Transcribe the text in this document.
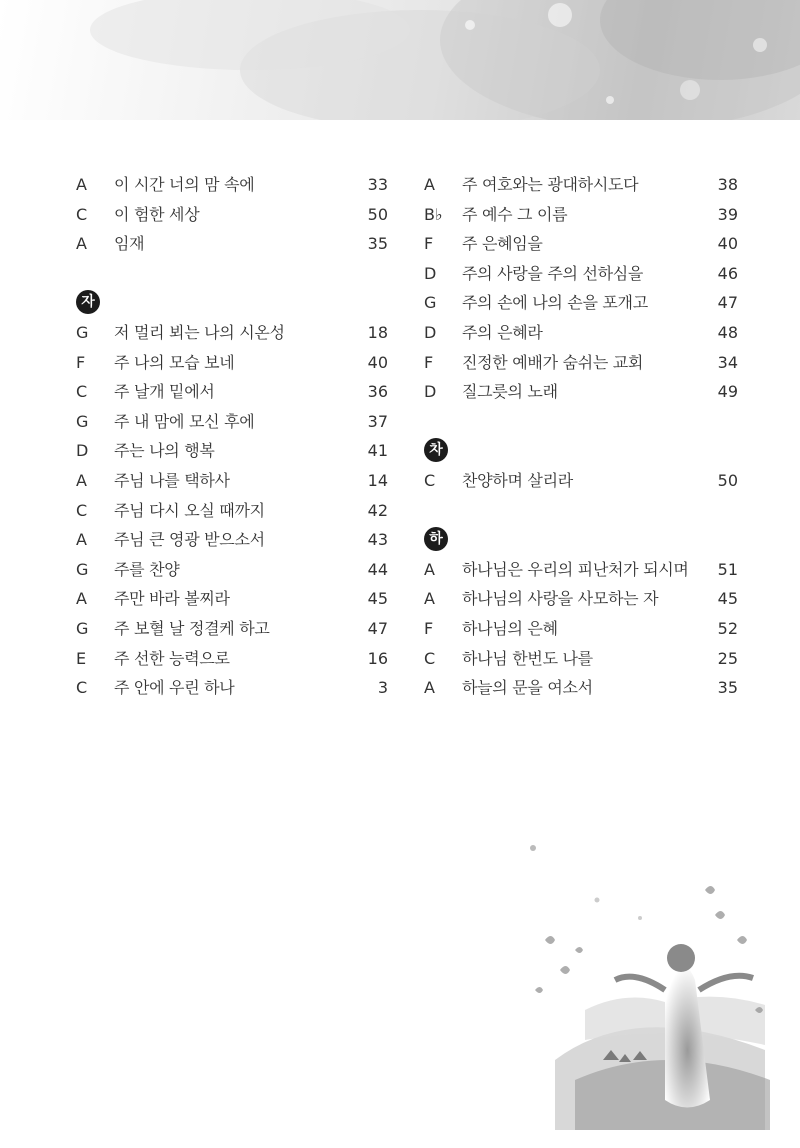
A	이 시간 너의 맘 속에	33
C	이 험한 세상	50
A	임재	35
자
G	저 멀리 뵈는 나의 시온성	18
F	주 나의 모습 보네	40
C	주 날개 밑에서	36
G	주 내 맘에 모신 후에	37
D	주는 나의 행복	41
A	주님 나를 택하사	14
C	주님 다시 오실 때까지	42
A	주님 큰 영광 받으소서	43
G	주를 찬양	44
A	주만 바라 볼찌라	45
G	주 보혈 날 정결케 하고	47
E	주 선한 능력으로	16
C	주 안에 우린 하나	3
A	주 여호와는 광대하시도다	38
B♭	주 예수 그 이름	39
F	주 은혜임을	40
D	주의 사랑을 주의 선하심을	46
G	주의 손에 나의 손을 포개고	47
D	주의 은혜라	48
F	진정한 예배가 숨쉬는 교회	34
D	질그릇의 노래	49
차
C	찬양하며 살리라	50
하
A	하나님은 우리의 피난처가 되시며 51
A	하나님의 사랑을 사모하는 자	45
F	하나님의 은혜	52
C	하나님 한번도 나를	25
A	하늘의 문을 여소서	35
